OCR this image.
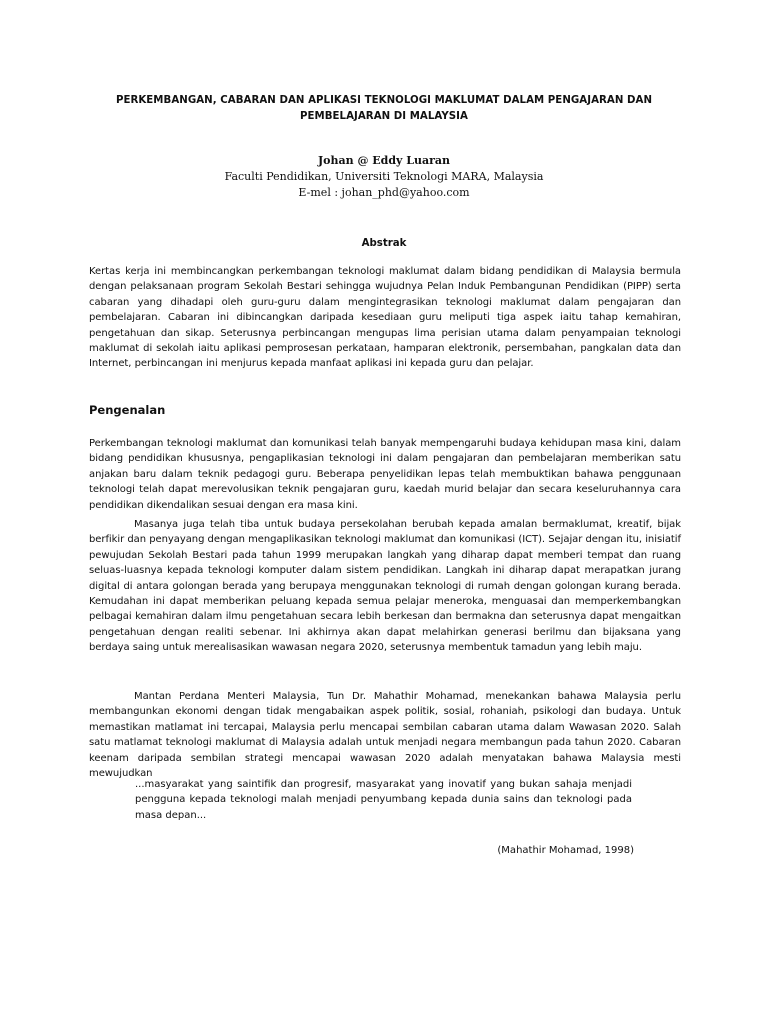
PERKEMBANGAN, CABARAN DAN APLIKASI TEKNOLOGI MAKLUMAT DALAM PENGAJARAN DAN PEMBELAJARAN DI MALAYSIA
Johan @ Eddy Luaran
Faculti Pendidikan, Universiti Teknologi MARA, Malaysia
E-mel : johan_phd@yahoo.com
Abstrak
Kertas kerja ini membincangkan perkembangan teknologi maklumat dalam bidang pendidikan di Malaysia bermula dengan pelaksanaan program Sekolah Bestari sehingga wujudnya Pelan Induk Pembangunan Pendidikan (PIPP) serta cabaran yang dihadapi oleh guru-guru dalam mengintegrasikan teknologi maklumat dalam pengajaran dan pembelajaran. Cabaran ini dibincangkan daripada kesediaan guru meliputi tiga aspek iaitu tahap kemahiran, pengetahuan dan sikap. Seterusnya perbincangan mengupas lima perisian utama dalam penyampaian teknologi maklumat di sekolah iaitu aplikasi pemprosesan perkataan, hamparan elektronik, persembahan, pangkalan data dan Internet, perbincangan ini menjurus kepada manfaat aplikasi ini kepada guru dan pelajar.
Pengenalan
Perkembangan teknologi maklumat dan komunikasi telah banyak mempengaruhi budaya kehidupan masa kini, dalam bidang pendidikan khususnya, pengaplikasian teknologi ini dalam pengajaran dan pembelajaran memberikan satu anjakan baru dalam teknik pedagogi guru. Beberapa penyelidikan lepas telah membuktikan bahawa penggunaan teknologi telah dapat merevolusikan teknik pengajaran guru, kaedah murid belajar dan secara keseluruhannya cara pendidikan dikendalikan sesuai dengan era masa kini.
Masanya juga telah tiba untuk budaya persekolahan berubah kepada amalan bermaklumat, kreatif, bijak berfikir dan penyayang dengan mengaplikasikan teknologi maklumat dan komunikasi (ICT). Sejajar dengan itu, inisiatif pewujudan Sekolah Bestari pada tahun 1999 merupakan langkah yang diharap dapat memberi tempat dan ruang seluas-luasnya kepada teknologi komputer dalam sistem pendidikan. Langkah ini diharap dapat merapatkan jurang digital di antara golongan berada yang berupaya menggunakan teknologi di rumah dengan golongan kurang berada. Kemudahan ini dapat memberikan peluang kepada semua pelajar meneroka, menguasai dan memperkembangkan pelbagai kemahiran dalam ilmu pengetahuan secara lebih berkesan dan bermakna dan seterusnya dapat mengaitkan pengetahuan dengan realiti sebenar. Ini akhirnya akan dapat melahirkan generasi berilmu dan bijaksana yang berdaya saing untuk merealisasikan wawasan negara 2020, seterusnya membentuk tamadun yang lebih maju.
Mantan Perdana Menteri Malaysia, Tun Dr. Mahathir Mohamad, menekankan bahawa Malaysia perlu membangunkan ekonomi dengan tidak mengabaikan aspek politik, sosial, rohaniah, psikologi dan budaya. Untuk memastikan matlamat ini tercapai, Malaysia perlu mencapai sembilan cabaran utama dalam Wawasan 2020. Salah satu matlamat teknologi maklumat di Malaysia adalah untuk menjadi negara membangun pada tahun 2020. Cabaran keenam daripada sembilan strategi mencapai wawasan 2020 adalah menyatakan bahawa Malaysia mesti mewujudkan
...masyarakat yang saintifik dan progresif, masyarakat yang inovatif yang bukan sahaja menjadi pengguna kepada teknologi malah menjadi penyumbang kepada dunia sains dan teknologi pada masa depan...
(Mahathir Mohamad, 1998)
